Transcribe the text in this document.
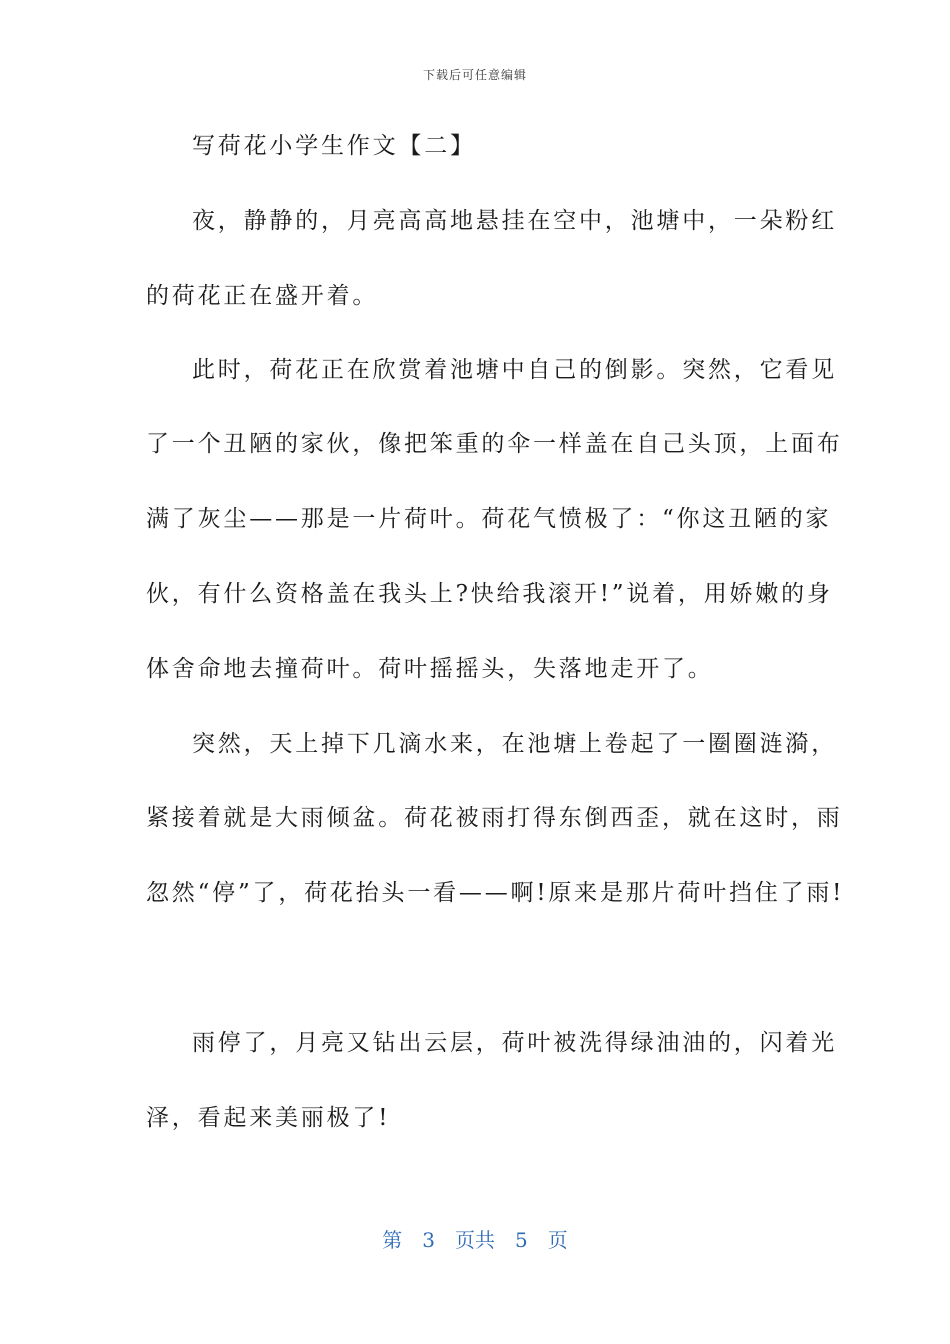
下载后可任意编辑
写荷花小学生作文【二】
夜，静静的，月亮高高地悬挂在空中，池塘中，一朵粉红
的荷花正在盛开着。
此时，荷花正在欣赏着池塘中自己的倒影。突然，它看见
了一个丑陋的家伙，像把笨重的伞一样盖在自己头顶，上面布
满了灰尘——那是一片荷叶。荷花气愤极了：“你这丑陋的家
伙，有什么资格盖在我头上?快给我滚开!”说着，用娇嫩的身
体舍命地去撞荷叶。荷叶摇摇头，失落地走开了。
突然，天上掉下几滴水来，在池塘上卷起了一圈圈涟漪，
紧接着就是大雨倾盆。荷花被雨打得东倒西歪，就在这时，雨
忽然“停”了，荷花抬头一看——啊!原来是那片荷叶挡住了雨!
雨停了，月亮又钻出云层，荷叶被洗得绿油油的，闪着光
泽，看起来美丽极了!
第 3 页共 5 页
